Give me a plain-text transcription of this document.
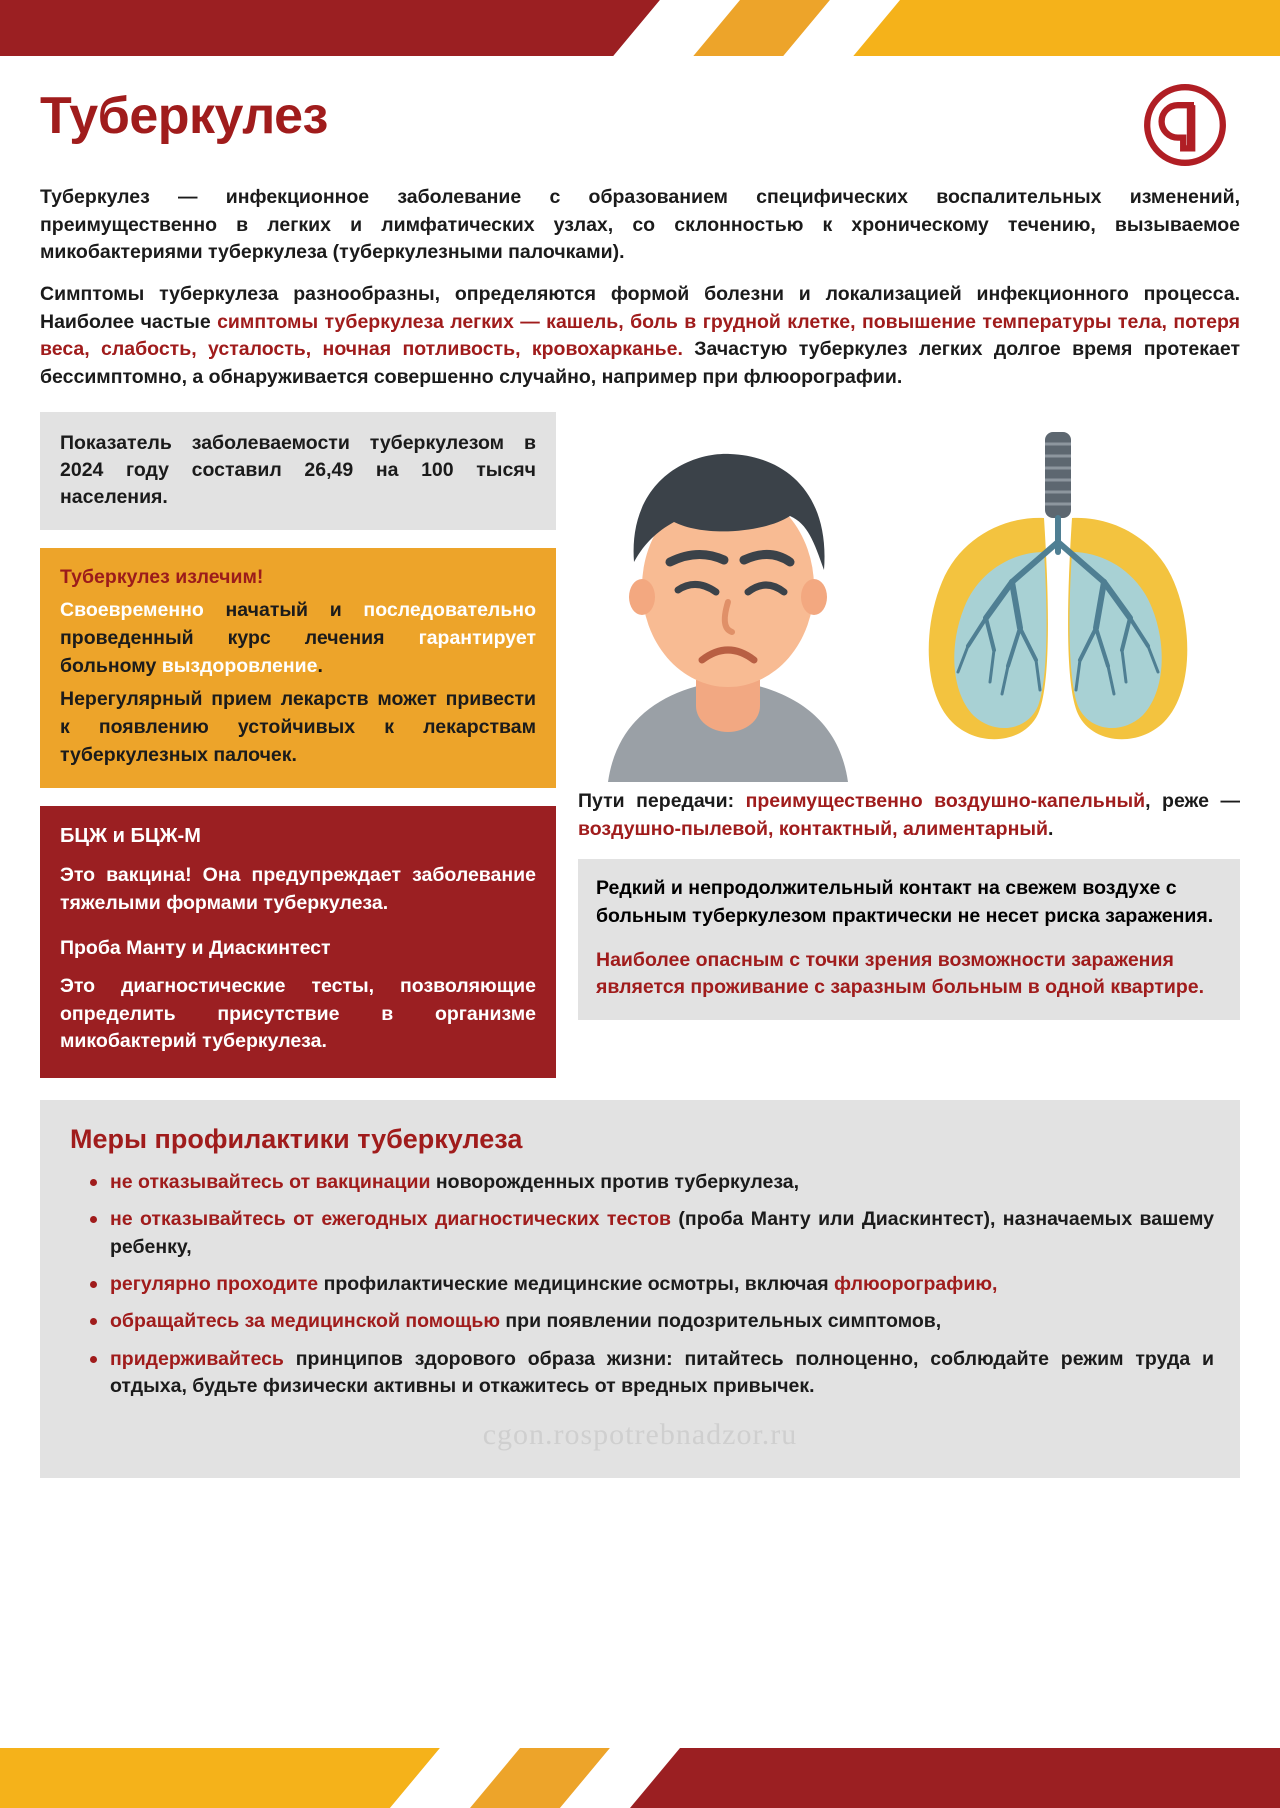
Туберкулез

Туберкулез — инфекционное заболевание с образованием специфических воспалительных изменений, преимущественно в легких и лимфатических узлах, со склонностью к хроническому течению, вызываемое микобактериями туберкулеза (туберкулезными палочками).

Симптомы туберкулеза разнообразны, определяются формой болезни и локализацией инфекционного процесса. Наиболее частые симптомы туберкулеза легких — кашель, боль в грудной клетке, повышение температуры тела, потеря веса, слабость, усталость, ночная потливость, кровохарканье. Зачастую туберкулез легких долгое время протекает бессимптомно, а обнаруживается совершенно случайно, например при флюорографии.

Показатель заболеваемости туберкулезом в 2024 году составил 26,49 на 100 тысяч населения.

Туберкулез излечим!

Своевременно начатый и последовательно проведенный курс лечения гарантирует больному выздоровление.

Нерегулярный прием лекарств может привести к появлению устойчивых к лекарствам туберкулезных палочек.

БЦЖ и БЦЖ-М

Это вакцина! Она предупреждает заболевание тяжелыми формами туберкулеза.

Проба Манту и Диаскинтест

Это диагностические тесты, позволяющие определить присутствие в организме микобактерий туберкулеза.

Пути передачи: преимущественно воздушно-капельный, реже — воздушно-пылевой, контактный, алиментарный.

Редкий и непродолжительный контакт на свежем воздухе с больным туберкулезом практически не несет риска заражения.

Наиболее опасным с точки зрения возможности заражения является проживание с заразным больным в одной квартире.

Меры профилактики туберкулеза
не отказывайтесь от вакцинации новорожденных против туберкулеза,
не отказывайтесь от ежегодных диагностических тестов (проба Манту или Диаскинтест), назначаемых вашему ребенку,
регулярно проходите профилактические медицинские осмотры, включая флюорографию,
обращайтесь за медицинской помощью при появлении подозрительных симптомов,
придерживайтесь принципов здорового образа жизни: питайтесь полноценно, соблюдайте режим труда и отдыха, будьте физически активны и откажитесь от вредных привычек.
cgon.rospotrebnadzor.ru
